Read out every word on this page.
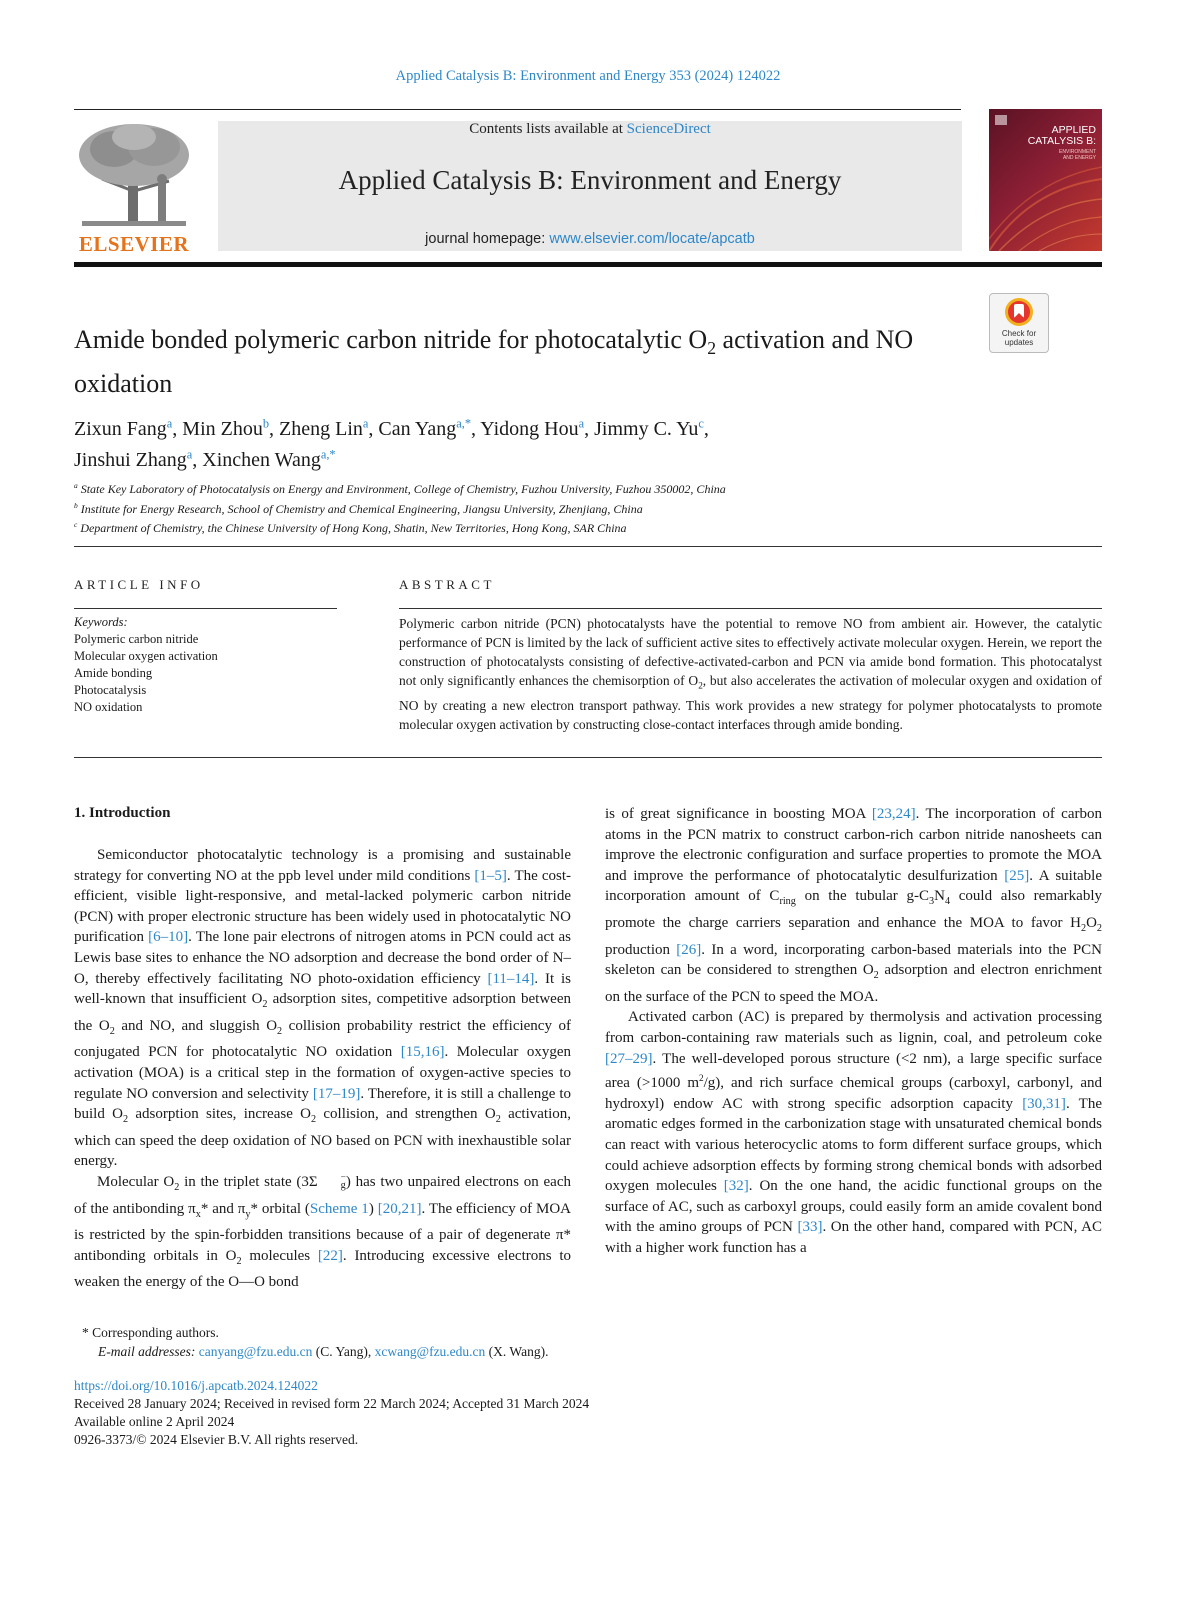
Applied Catalysis B: Environment and Energy 353 (2024) 124022
ELSEVIER
Contents lists available at ScienceDirect
Applied Catalysis B: Environment and Energy
journal homepage: www.elsevier.com/locate/apcatb
APPLIED
CATALYSIS B:
ENVIRONMENT
AND ENERGY
Check for
updates
Amide bonded polymeric carbon nitride for photocatalytic $O_2$ activation and NO oxidation
Zixun Fang$^a$, Min Zhou$^b$, Zheng Lin$^a$, Can Yang$^{a,*}$, Yidong Hou$^a$, Jimmy C. Yu$^c$,
Jinshui Zhang$^a$, Xinchen Wang$^{a,*}$
$^a$ State Key Laboratory of Photocatalysis on Energy and Environment, College of Chemistry, Fuzhou University, Fuzhou 350002, China
$^b$ Institute for Energy Research, School of Chemistry and Chemical Engineering, Jiangsu University, Zhenjiang, China
$^c$ Department of Chemistry, the Chinese University of Hong Kong, Shatin, New Territories, Hong Kong, SAR China
ARTICLE INFO	ABSTRACT
Keywords:
Polymeric carbon nitride
Molecular oxygen activation
Amide bonding
Photocatalysis
NO oxidation
Polymeric carbon nitride (PCN) photocatalysts have the potential to remove NO from ambient air. However, the catalytic performance of PCN is limited by the lack of sufficient active sites to effectively activate molecular oxygen. Herein, we report the construction of photocatalysts consisting of defective-activated-carbon and PCN via amide bond formation. This photocatalyst not only significantly enhances the chemisorption of $O_2$, but also accelerates the activation of molecular oxygen and oxidation of NO by creating a new electron transport pathway. This work provides a new strategy for polymer photocatalysts to promote molecular oxygen activation by constructing close-contact interfaces through amide bonding.
1. Introduction

Semiconductor photocatalytic technology is a promising and sustainable strategy for converting NO at the ppb level under mild conditions [1–5]. The cost-efficient, visible light-responsive, and metal-lacked polymeric carbon nitride (PCN) with proper electronic structure has been widely used in photocatalytic NO purification [6–10]. The lone pair electrons of nitrogen atoms in PCN could act as Lewis base sites to enhance the NO adsorption and decrease the bond order of N–O, thereby effectively facilitating NO photo-oxidation efficiency [11–14]. It is well-known that insufficient $O_2$ adsorption sites, competitive adsorption between the $O_2$ and NO, and sluggish $O_2$ collision probability restrict the efficiency of conjugated PCN for photocatalytic NO oxidation [15,16]. Molecular oxygen activation (MOA) is a critical step in the formation of oxygen-active species to regulate NO conversion and selectivity [17–19]. Therefore, it is still a challenge to build $O_2$ adsorption sites, increase $O_2$ collision, and strengthen $O_2$ activation, which can speed the deep oxidation of NO based on PCN with inexhaustible solar energy.

Molecular $O_2$ in the triplet state (3Σ	−
g ) has two unpaired electrons on each of the antibonding $\pi_x*$ and $\pi_y*$ orbital (Scheme 1) [20,21]. The efficiency of MOA is restricted by the spin-forbidden transitions because of a pair of degenerate π* antibonding orbitals in $O_2$ molecules [22]. Introducing excessive electrons to weaken the energy of the O—O bond

is of great significance in boosting MOA [23,24]. The incorporation of carbon atoms in the PCN matrix to construct carbon-rich carbon nitride nanosheets can improve the electronic configuration and surface properties to promote the MOA and improve the performance of photocatalytic desulfurization [25]. A suitable incorporation amount of $C_{ring}$ on the tubular $g-C_3N_4$ could also remarkably promote the charge carriers separation and enhance the MOA to favor $H_2O_2$ production [26]. In a word, incorporating carbon-based materials into the PCN skeleton can be considered to strengthen $O_2$ adsorption and electron enrichment on the surface of the PCN to speed the MOA.

Activated carbon (AC) is prepared by thermolysis and activation processing from carbon-containing raw materials such as lignin, coal, and petroleum coke [27–29]. The well-developed porous structure (<2 nm), a large specific surface area (>1000 $m^2/g$), and rich surface chemical groups (carboxyl, carbonyl, and hydroxyl) endow AC with strong specific adsorption capacity [30,31]. The aromatic edges formed in the carbonization stage with unsaturated chemical bonds can react with various heterocyclic atoms to form different surface groups, which could achieve adsorption effects by forming strong chemical bonds with adsorbed oxygen molecules [32]. On the one hand, the acidic functional groups on the surface of AC, such as carboxyl groups, could easily form an amide covalent bond with the amino groups of PCN [33]. On the other hand, compared with PCN, AC with a higher work function has a

* Corresponding authors.
E-mail addresses: canyang@fzu.edu.cn (C. Yang), xcwang@fzu.edu.cn (X. Wang).
https://doi.org/10.1016/j.apcatb.2024.124022
Received 28 January 2024; Received in revised form 22 March 2024; Accepted 31 March 2024
Available online 2 April 2024
0926-3373/© 2024 Elsevier B.V. All rights reserved.
